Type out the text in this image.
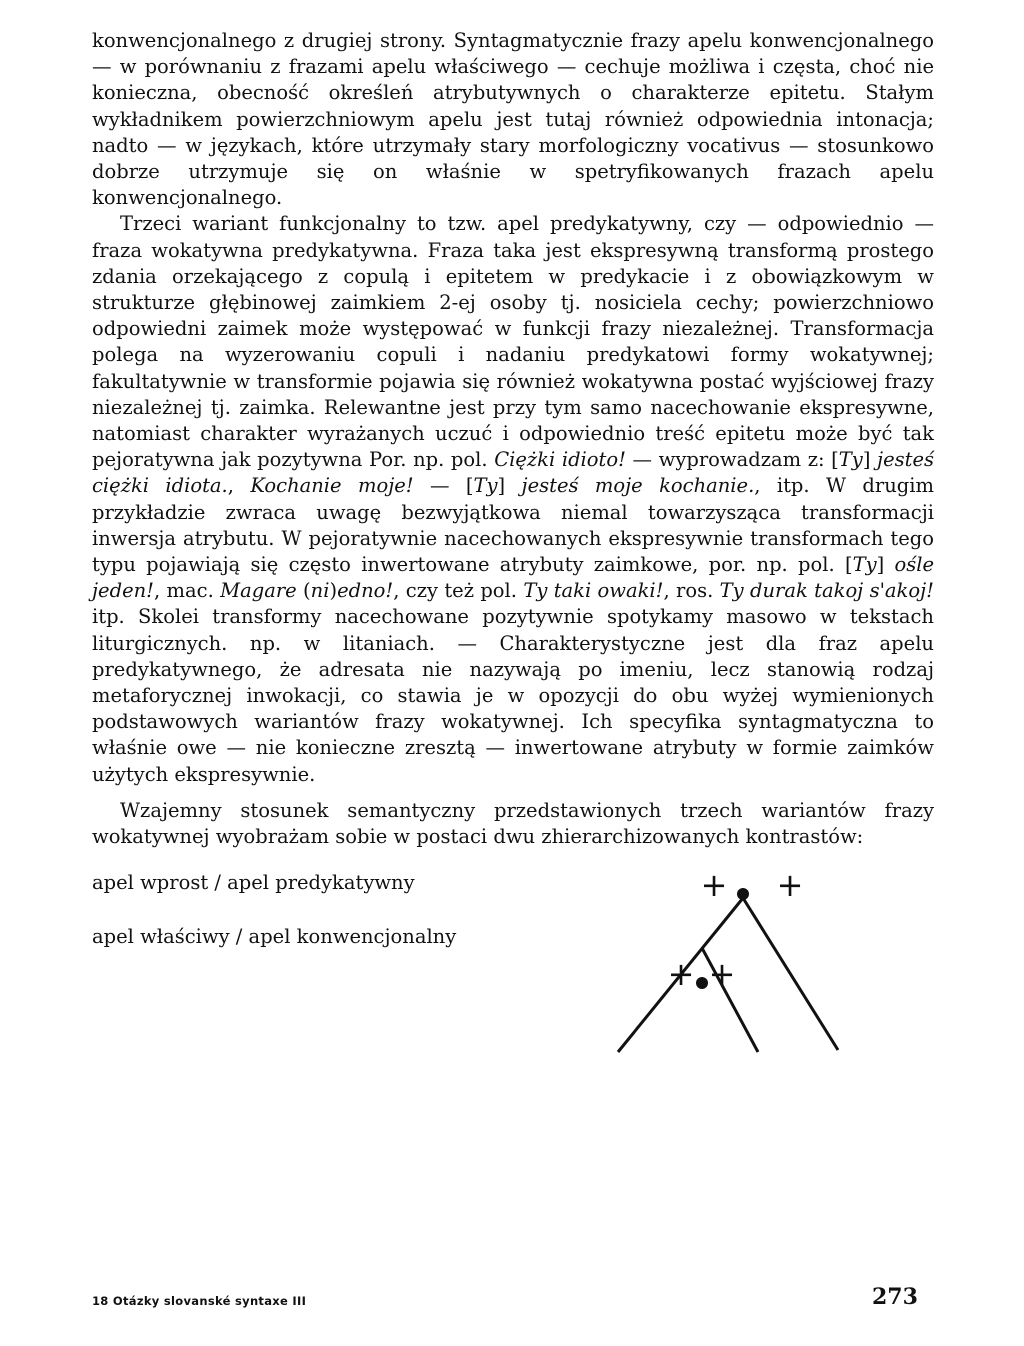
konwencjonalnego z drugiej strony. Syntagmatycznie frazy apelu konwencjonalnego — w porównaniu z frazami apelu właściwego — cechuje możliwa i częsta, choć nie konieczna, obecność określeń atrybutywnych o charakterze epitetu. Stałym wykładnikem powierzchniowym apelu jest tutaj również odpowiednia intonacja; nadto — w językach, które utrzymały stary morfologiczny vocativus — stosunkowo dobrze utrzymuje się on właśnie w spetryfikowanych frazach apelu konwencjonalnego.

Trzeci wariant funkcjonalny to tzw. apel predykatywny, czy — odpowiednio — fraza wokatywna predykatywna. Fraza taka jest ekspresywną transformą prostego zdania orzekającego z copulą i epitetem w predykacie i z obowiązkowym w strukturze głębinowej zaimkiem 2-ej osoby tj. nosiciela cechy; powierzchniowo odpowiedni zaimek może występować w funkcji frazy niezależnej. Transformacja polega na wyzerowaniu copuli i nadaniu predykatowi formy wokatywnej; fakultatywnie w transformie pojawia się również wokatywna postać wyjściowej frazy niezależnej tj. zaimka. Relewantne jest przy tym samo nacechowanie ekspresywne, natomiast charakter wyrażanych uczuć i odpowiednio treść epitetu może być tak pejoratywna jak pozytywna Por. np. pol. Ciężki idioto! — wyprowadzam z: [Ty] jesteś ciężki idiota., Kochanie moje! — [Ty] jesteś moje kochanie., itp. W drugim przykładzie zwraca uwagę bezwyjątkowa niemal towarzysząca transformacji inwersja atrybutu. W pejoratywnie nacechowanych ekspresywnie transformach tego typu pojawiają się często inwertowane atrybuty zaimkowe, por. np. pol. [Ty] ośle jeden!, mac. Magare (ni)edno!, czy też pol. Ty taki owaki!, ros. Ty durak takoj s'akoj! itp. Skolei transformy nacechowane pozytywnie spotykamy masowo w tekstach liturgicznych. np. w litaniach. — Charakterystyczne jest dla fraz apelu predykatywnego, że adresata nie nazywają po imeniu, lecz stanowią rodzaj metaforycznej inwokacji, co stawia je w opozycji do obu wyżej wymienionych podstawowych wariantów frazy wokatywnej. Ich specyfika syntagmatyczna to właśnie owe — nie konieczne zresztą — inwertowane atrybuty w formie zaimków użytych ekspresywnie.

Wzajemny stosunek semantyczny przedstawionych trzech wariantów frazy wokatywnej wyobrażam sobie w postaci dwu zhierarchizowanych kontrastów:

apel wprost / apel predykatywny
apel właściwy / apel konwencjonalny
+ +
+ +
18 Otázky slovanské syntaxe III	273
